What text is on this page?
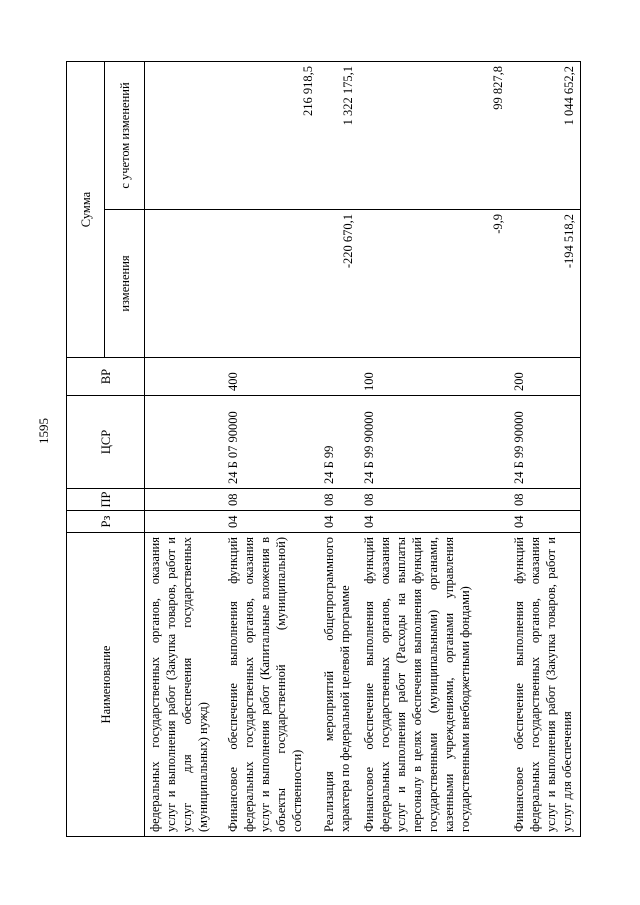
1595
Наименование	Рз	ПР	ЦСР	ВР	Сумма	
					изменения	с учетом изменений
федеральных государственных органов, оказания услуг и выполнения работ (Закупка товаров, работ и услуг для обеспечения государственных (муниципальных) нужд)						
Финансовое обеспечение выполнения функций федеральных государственных органов, оказания услуг и выполнения работ (Капитальные вложения в объекты государственной (муниципальной) собственности)	04	08	24 Б 07 90000	400		216 918,5
Реализация мероприятий общепрограммного характера по федеральной целевой программе	04	08	24 Б 99		-220 670,1	1 322 175,1
Финансовое обеспечение выполнения функций федеральных государственных органов, оказания услуг и выполнения работ (Расходы на выплаты персоналу в целях обеспечения выполнения функций государственными (муниципальными) органами, казенными учреждениями, органами управления государственными внебюджетными фондами)	04	08	24 Б 99 90000	100	-9,9	99 827,8
Финансовое обеспечение выполнения функций федеральных государственных органов, оказания услуг и выполнения работ (Закупка товаров, работ и услуг для обеспечения	04	08	24 Б 99 90000	200	-194 518,2	1 044 652,2
